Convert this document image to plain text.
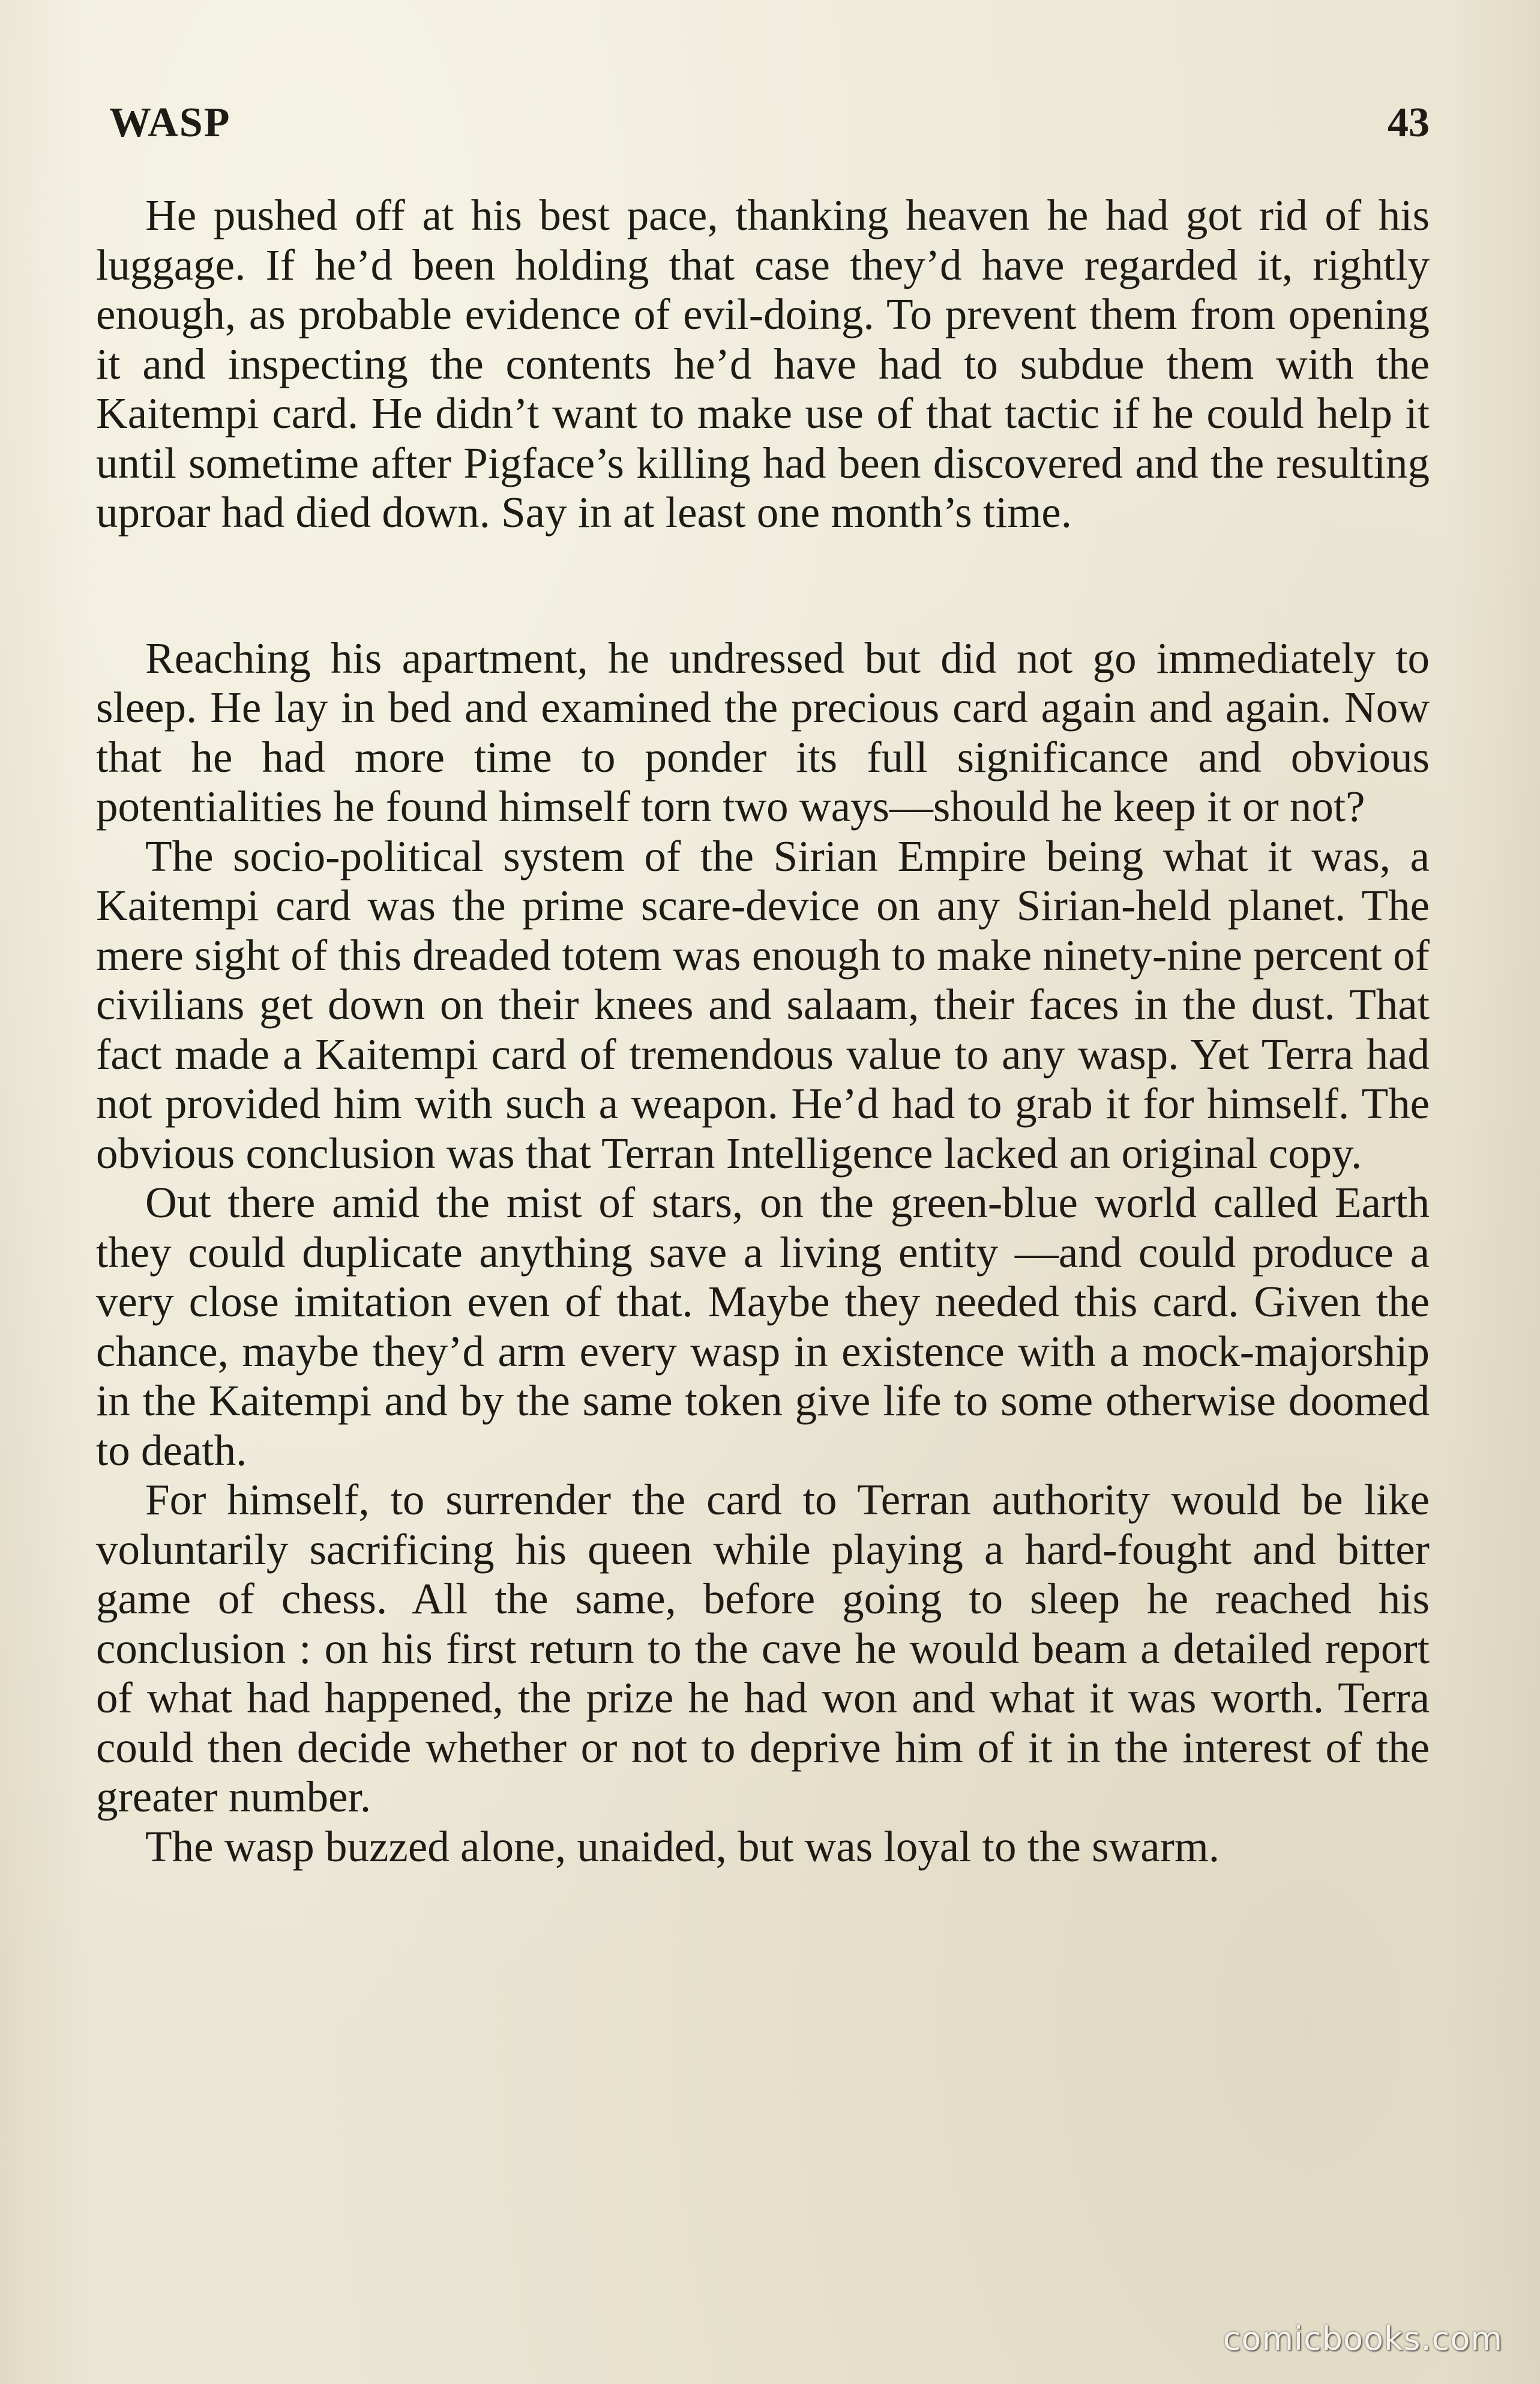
WASP	43

He pushed off at his best pace, thanking heaven he had got rid of his luggage. If he’d been holding that case they’d have regarded it, rightly enough, as probable evidence of evil-doing. To prevent them from opening it and inspecting the contents he’d have had to subdue them with the Kaitempi card. He didn’t want to make use of that tactic if he could help it until sometime after Pigface’s killing had been discovered and the resulting uproar had died down. Say in at least one month’s time.

Reaching his apartment, he undressed but did not go immediately to sleep. He lay in bed and examined the precious card again and again. Now that he had more time to ponder its full significance and obvious potentialities he found himself torn two ways—should he keep it or not?

The socio-political system of the Sirian Empire being what it was, a Kaitempi card was the prime scare-device on any Sirian-held planet. The mere sight of this dreaded totem was enough to make ninety-nine percent of civilians get down on their knees and salaam, their faces in the dust. That fact made a Kaitempi card of tremendous value to any wasp. Yet Terra had not provided him with such a weapon. He’d had to grab it for himself. The obvious conclusion was that Terran Intelligence lacked an original copy.

Out there amid the mist of stars, on the green-blue world called Earth they could duplicate anything save a living entity —and could produce a very close imitation even of that. Maybe they needed this card. Given the chance, maybe they’d arm every wasp in existence with a mock-majorship in the Kaitempi and by the same token give life to some otherwise doomed to death.

For himself, to surrender the card to Terran authority would be like voluntarily sacrificing his queen while playing a hard-fought and bitter game of chess. All the same, before going to sleep he reached his conclusion : on his first return to the cave he would beam a detailed report of what had happened, the prize he had won and what it was worth. Terra could then decide whether or not to deprive him of it in the interest of the greater number.

The wasp buzzed alone, unaided, but was loyal to the swarm.

comicbooks.com
